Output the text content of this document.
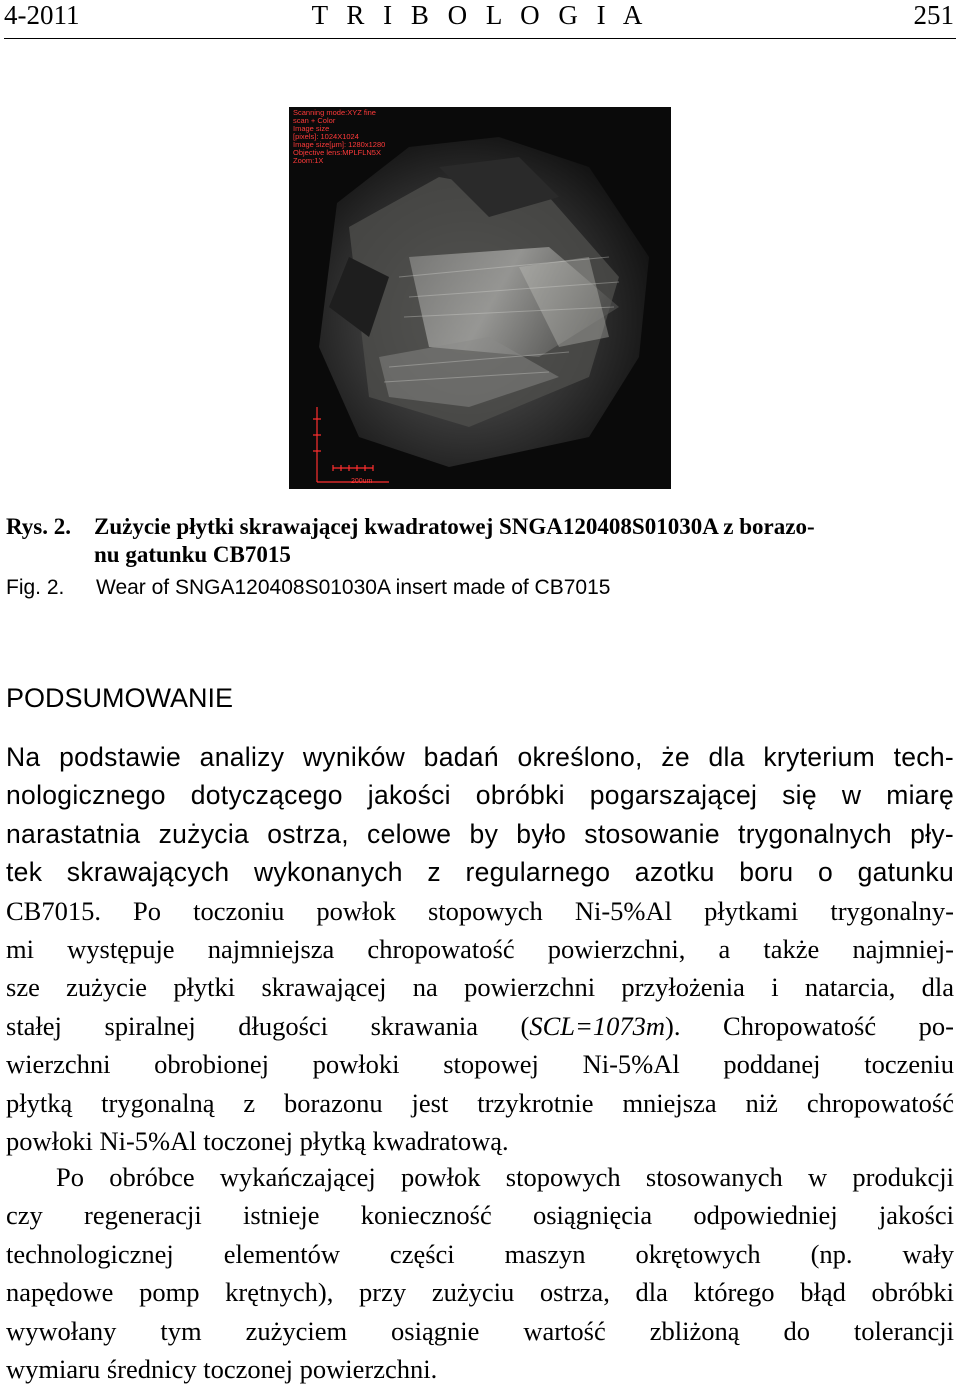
4-2011	T R I B O L O G I A	251
Scanning mode:XYZ fine
scan + Color
Image size
[pixels]: 1024X1024
Image size[μm]: 1280x1280
Objective lens:MPLFLN5X
Zoom:1X
200um
Rys. 2. Zużycie płytki skrawającej kwadratowej SNGA120408S01030A z borazo-
nu gatunku CB7015
Fig. 2. Wear of SNGA120408S01030A insert made of CB7015
PODSUMOWANIE
Na podstawie analizy wyników badań określono, że dla kryterium tech-
nologicznego dotyczącego jakości obróbki pogarszającej się w miarę
narastatnia zużycia ostrza, celowe by było stosowanie trygonalnych pły-
tek skrawających wykonanych z regularnego azotku boru o gatunku
CB7015. Po toczoniu powłok stopowych Ni-5%Al płytkami trygonalny-
mi występuje najmniejsza chropowatość powierzchni, a także najmniej-
sze zużycie płytki skrawającej na powierzchni przyłożenia i natarcia, dla
stałej spiralnej długości skrawania (SCL=1073m). Chropowatość po-
wierzchni obrobionej powłoki stopowej Ni-5%Al poddanej toczeniu
płytką trygonalną z borazonu jest trzykrotnie mniejsza niż chropowatość
powłoki Ni-5%Al toczonej płytką kwadratową.
Po obróbce wykańczającej powłok stopowych stosowanych w produkcji
czy regeneracji istnieje konieczność osiągnięcia odpowiedniej jakości
technologicznej elementów części maszyn okrętowych (np. wały
napędowe pomp krętnych), przy zużyciu ostrza, dla którego błąd obróbki
wywołany tym zużyciem osiągnie wartość zbliżoną do tolerancji
wymiaru średnicy toczonej powierzchni.
